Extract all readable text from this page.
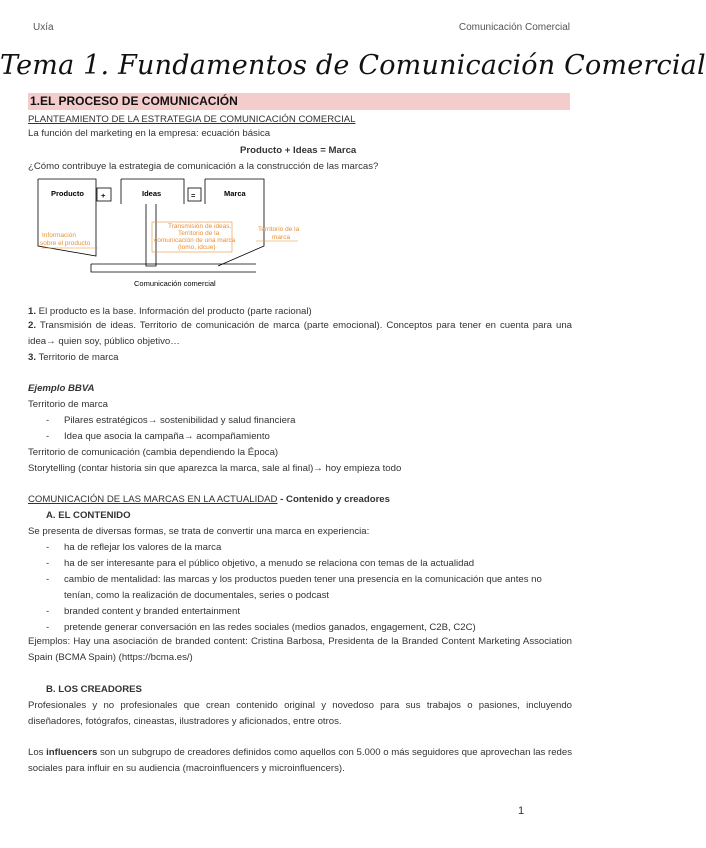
Uxía	Comunicación Comercial
Tema 1. Fundamentos de Comunicación Comercial
1.EL PROCESO DE COMUNICACIÓN
PLANTEAMIENTO DE LA ESTRATEGIA DE COMUNICACIÓN COMERCIAL
La función del marketing en la empresa: ecuación básica
Producto + Ideas = Marca
¿Cómo contribuye la estrategia de comunicación a la construcción de las marcas?
Información
sobre el producto
Transmisión de ideas.
Territorio de la
comunicación de una marca
(lomo, idcue)
Territorio de la
marca
Producto +	Ideas	=	Marca
Comunicación comercial
1. El producto es la base. Información del producto (parte racional)
2. Transmisión de ideas. Territorio de comunicación de marca (parte emocional). Conceptos para tener en cuenta para una idea→ quien soy, público objetivo…
3. Territorio de marca
Ejemplo BBVA
Territorio de marca
- Pilares estratégicos→ sostenibilidad y salud financiera
- Idea que asocia la campaña→ acompañamiento
Territorio de comunicación (cambia dependiendo la Época)
Storytelling (contar historia sin que aparezca la marca, sale al final)→ hoy empieza todo
COMUNICACIÓN DE LAS MARCAS EN LA ACTUALIDAD - Contenido y creadores
A. EL CONTENIDO
Se presenta de diversas formas, se trata de convertir una marca en experiencia:
- ha de reflejar los valores de la marca
- ha de ser interesante para el público objetivo, a menudo se relaciona con temas de la actualidad
- cambio de mentalidad: las marcas y los productos pueden tener una presencia en la comunicación que antes no
tenían, como la realización de documentales, series o podcast
- branded content y branded entertainment
- pretende generar conversación en las redes sociales (medios ganados, engagement, C2B, C2C)
Ejemplos: Hay una asociación de branded content: Cristina Barbosa, Presidenta de la Branded Content Marketing Association Spain (BCMA Spain) (https://bcma.es/)
B. LOS CREADORES
Profesionales y no profesionales que crean contenido original y novedoso para sus trabajos o pasiones, incluyendo diseñadores, fotógrafos, cineastas, ilustradores y aficionados, entre otros.
Los influencers son un subgrupo de creadores definidos como aquellos con 5.000 o más seguidores que aprovechan las redes sociales para influir en su audiencia (macroinfluencers y microinfluencers).
1
